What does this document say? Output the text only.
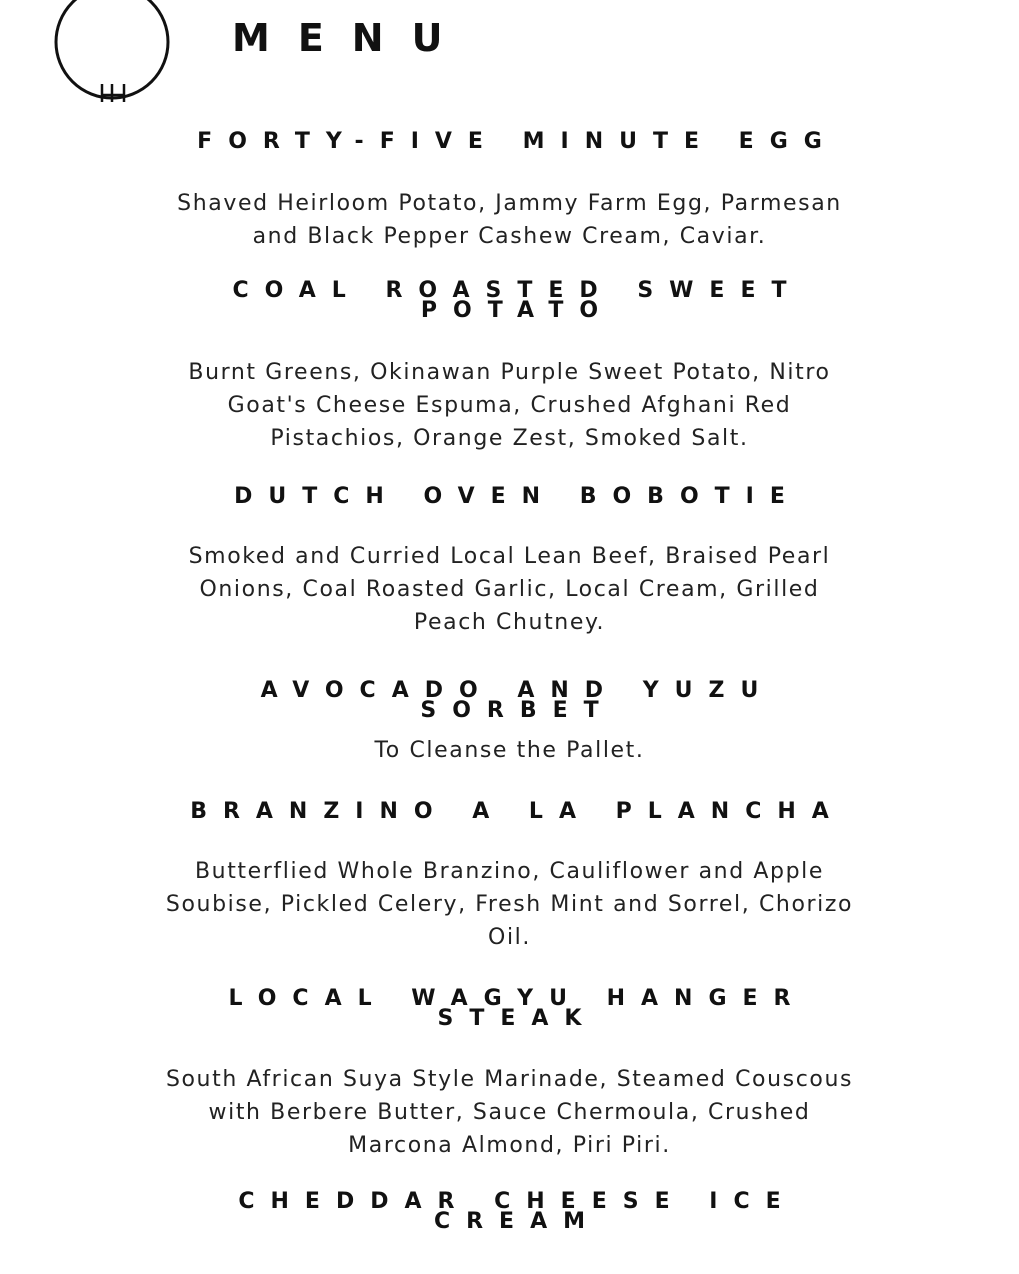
MENU
FORTY-FIVE MINUTE EGG

Shaved Heirloom Potato, Jammy Farm Egg, Parmesan
and Black Pepper Cashew Cream, Caviar.

COAL ROASTED SWEET
POTATO

Burnt Greens, Okinawan Purple Sweet Potato, Nitro
Goat's Cheese Espuma, Crushed Afghani Red
Pistachios, Orange Zest, Smoked Salt.

DUTCH OVEN BOBOTIE

Smoked and Curried Local Lean Beef, Braised Pearl
Onions, Coal Roasted Garlic, Local Cream, Grilled
Peach Chutney.

AVOCADO AND YUZU
SORBET

To Cleanse the Pallet.

BRANZINO A LA PLANCHA

Butterflied Whole Branzino, Cauliflower and Apple
Soubise, Pickled Celery, Fresh Mint and Sorrel, Chorizo
Oil.

LOCAL WAGYU HANGER
STEAK

South African Suya Style Marinade, Steamed Couscous
with Berbere Butter, Sauce Chermoula, Crushed
Marcona Almond, Piri Piri.

CHEDDAR CHEESE ICE
CREAM
